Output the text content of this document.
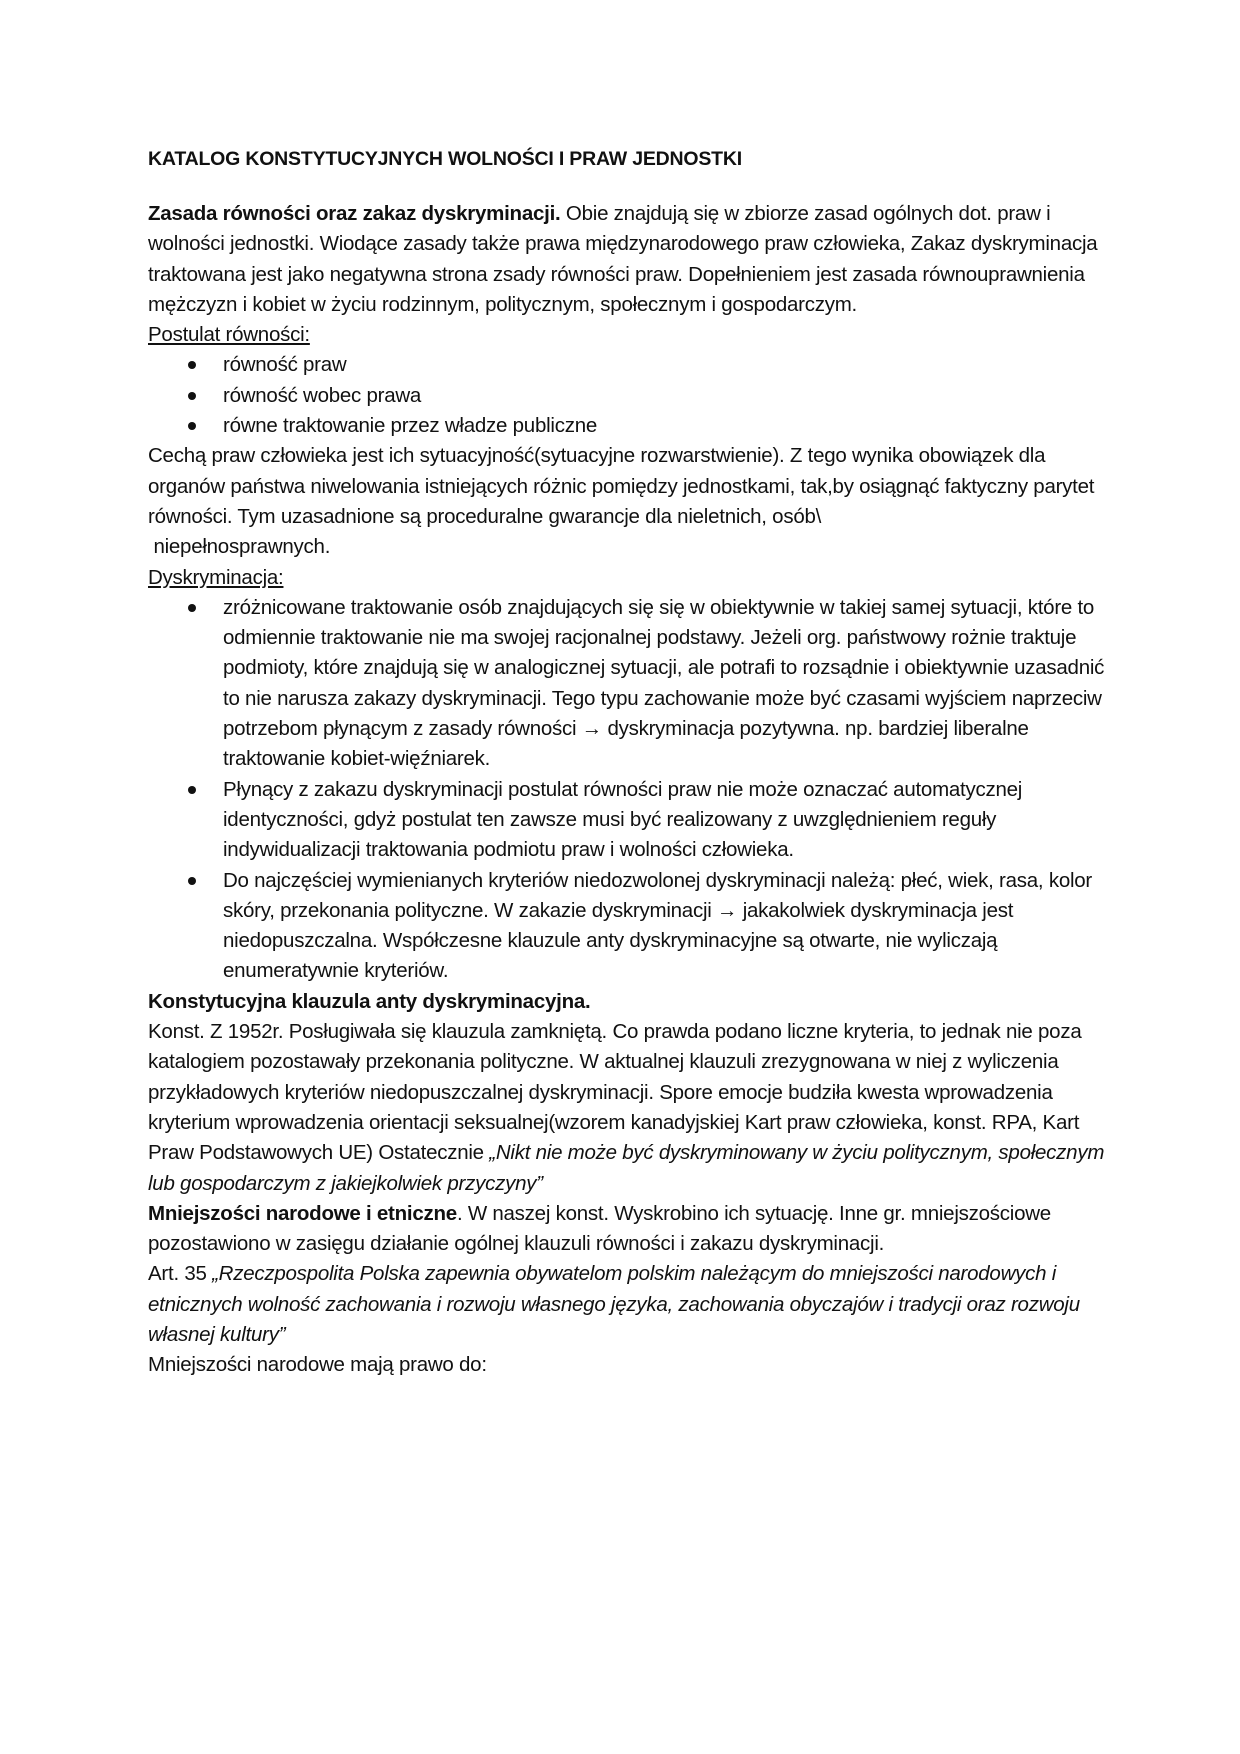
KATALOG KONSTYTUCYJNYCH WOLNOŚCI I PRAW JEDNOSTKI

Zasada równości oraz zakaz dyskryminacji. Obie znajdują się w zbiorze zasad ogólnych dot. praw i wolności jednostki. Wiodące zasady także prawa międzynarodowego praw człowieka, Zakaz dyskryminacja traktowana jest jako negatywna strona zsady równości praw. Dopełnieniem jest zasada równouprawnienia mężczyzn i kobiet w życiu rodzinnym, politycznym, społecznym i gospodarczym.

Postulat równości:

równość praw
równość wobec prawa
równe traktowanie przez władze publiczne

Cechą praw człowieka jest ich sytuacyjność(sytuacyjne rozwarstwienie). Z tego wynika obowiązek dla organów państwa niwelowania istniejących różnic pomiędzy jednostkami, tak,by osiągnąć faktyczny parytet równości. Tym uzasadnione są proceduralne gwarancje dla nieletnich, osób\

niepełnosprawnych.

Dyskryminacja:

zróżnicowane traktowanie osób znajdujących się się w obiektywnie w takiej samej sytuacji, które to odmiennie traktowanie nie ma swojej racjonalnej podstawy. Jeżeli org. państwowy rożnie traktuje podmioty, które znajdują się w analogicznej sytuacji, ale potrafi to rozsądnie i obiektywnie uzasadnić to nie narusza zakazy dyskryminacji. Tego typu zachowanie może być czasami wyjściem naprzeciw potrzebom płynącym z zasady równości → dyskryminacja pozytywna. np. bardziej liberalne traktowanie kobiet-więźniarek.
Płynący z zakazu dyskryminacji postulat równości praw nie może oznaczać automatycznej identyczności, gdyż postulat ten zawsze musi być realizowany z uwzględnieniem reguły indywidualizacji traktowania podmiotu praw i wolności człowieka.
Do najczęściej wymienianych kryteriów niedozwolonej dyskryminacji należą: płeć, wiek, rasa, kolor skóry, przekonania polityczne. W zakazie dyskryminacji → jakakolwiek dyskryminacja jest niedopuszczalna. Współczesne klauzule anty dyskryminacyjne są otwarte, nie wyliczają enumeratywnie kryteriów.

Konstytucyjna klauzula anty dyskryminacyjna.

Konst. Z 1952r. Posługiwała się klauzula zamkniętą. Co prawda podano liczne kryteria, to jednak nie poza katalogiem pozostawały przekonania polityczne. W aktualnej klauzuli zrezygnowana w niej z wyliczenia przykładowych kryteriów niedopuszczalnej dyskryminacji. Spore emocje budziła kwesta wprowadzenia kryterium wprowadzenia orientacji seksualnej(wzorem kanadyjskiej Kart praw człowieka, konst. RPA, Kart Praw Podstawowych UE) Ostatecznie „Nikt nie może być dyskryminowany w życiu politycznym, społecznym lub gospodarczym z jakiejkolwiek przyczyny”

Mniejszości narodowe i etniczne. W naszej konst. Wyskrobino ich sytuację. Inne gr. mniejszościowe pozostawiono w zasięgu działanie ogólnej klauzuli równości i zakazu dyskryminacji.

Art. 35 „Rzeczpospolita Polska zapewnia obywatelom polskim należącym do mniejszości narodowych i etnicznych wolność zachowania i rozwoju własnego języka, zachowania obyczajów i tradycji oraz rozwoju własnej kultury”

Mniejszości narodowe mają prawo do:
